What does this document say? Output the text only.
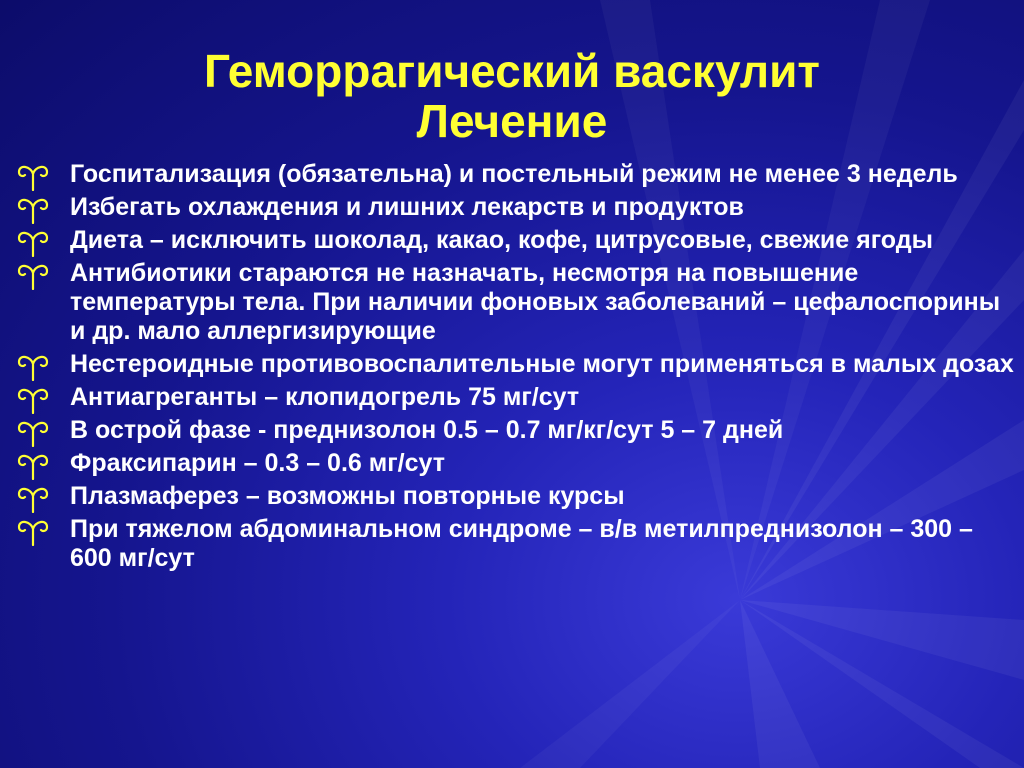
Геморрагический васкулит
Лечение
Госпитализация (обязательна) и постельный режим не менее 3 недель
Избегать охлаждения и лишних лекарств и продуктов
Диета – исключить шоколад, какао, кофе, цитрусовые, свежие ягоды
Антибиотики стараются не назначать, несмотря на повышение температуры тела. При наличии фоновых заболеваний – цефалоспорины и др. мало аллергизирующие
Нестероидные противовоспалительные могут применяться в малых дозах
Антиагреганты – клопидогрель 75 мг/сут
В острой фазе - преднизолон 0.5 – 0.7 мг/кг/сут 5 – 7 дней
Фраксипарин – 0.3 – 0.6 мг/сут
Плазмаферез – возможны повторные курсы
При тяжелом абдоминальном синдроме – в/в метилпреднизолон – 300 – 600 мг/сут
